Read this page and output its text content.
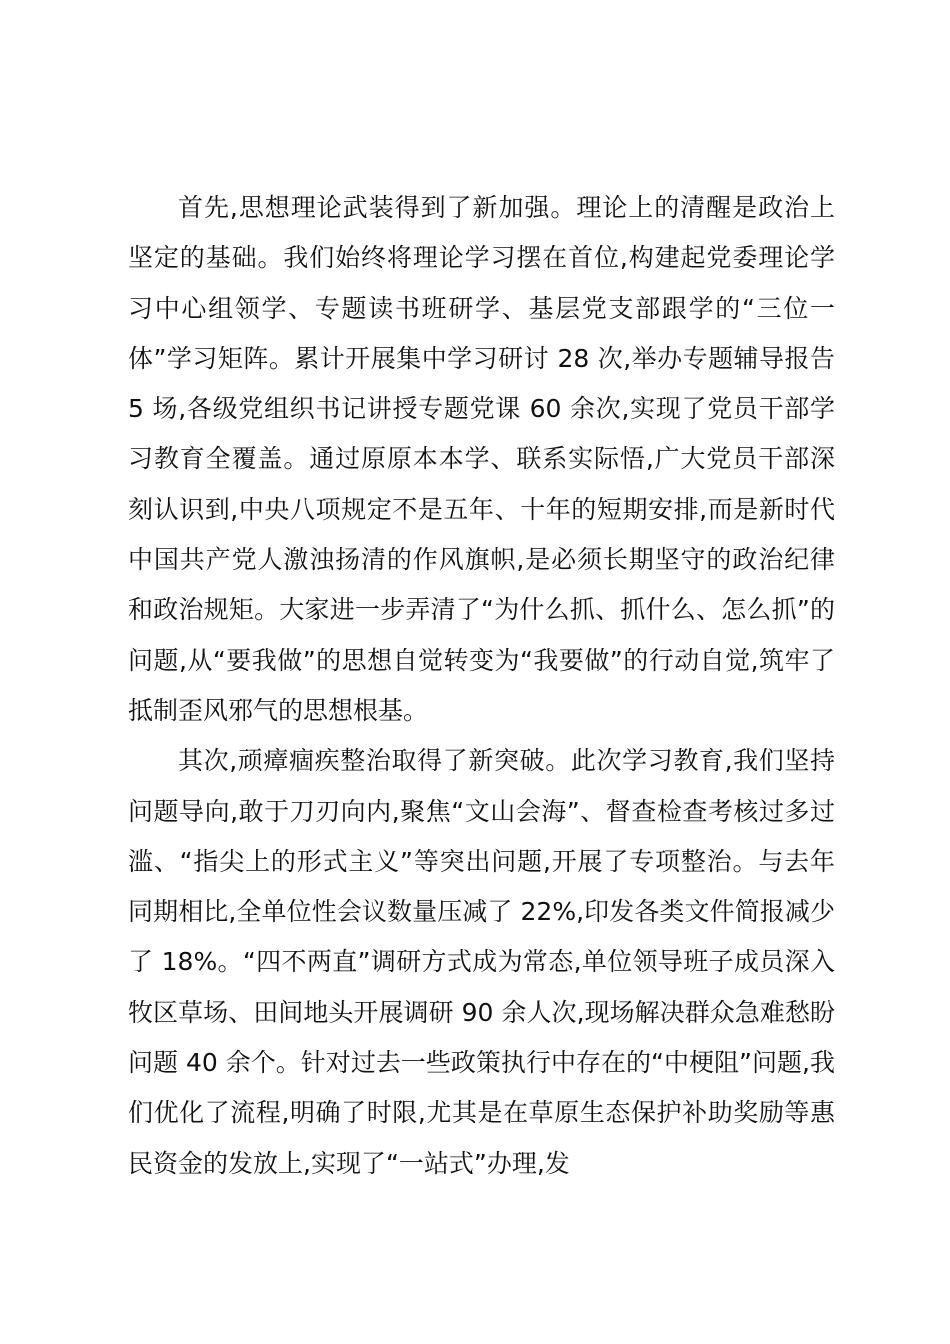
首先,思想理论武装得到了新加强。理论上的清醒是政治上坚定的基础。我们始终将理论学习摆在首位,构建起党委理论学习中心组领学、专题读书班研学、基层党支部跟学的“三位一体”学习矩阵。累计开展集中学习研讨 28 次,举办专题辅导报告 5 场,各级党组织书记讲授专题党课 60 余次,实现了党员干部学习教育全覆盖。通过原原本本学、联系实际悟,广大党员干部深刻认识到,中央八项规定不是五年、十年的短期安排,而是新时代中国共产党人激浊扬清的作风旗帜,是必须长期坚守的政治纪律和政治规矩。大家进一步弄清了“为什么抓、抓什么、怎么抓”的问题,从“要我做”的思想自觉转变为“我要做”的行动自觉,筑牢了抵制歪风邪气的思想根基。

其次,顽瘴痼疾整治取得了新突破。此次学习教育,我们坚持问题导向,敢于刀刃向内,聚焦“文山会海”、督查检查考核过多过滥、“指尖上的形式主义”等突出问题,开展了专项整治。与去年同期相比,全单位性会议数量压减了 22%,印发各类文件简报减少了 18%。“四不两直”调研方式成为常态,单位领导班子成员深入牧区草场、田间地头开展调研 90 余人次,现场解决群众急难愁盼问题 40 余个。针对过去一些政策执行中存在的“中梗阻”问题,我们优化了流程,明确了时限,尤其是在草原生态保护补助奖励等惠民资金的发放上,实现了“一站式”办理,发
